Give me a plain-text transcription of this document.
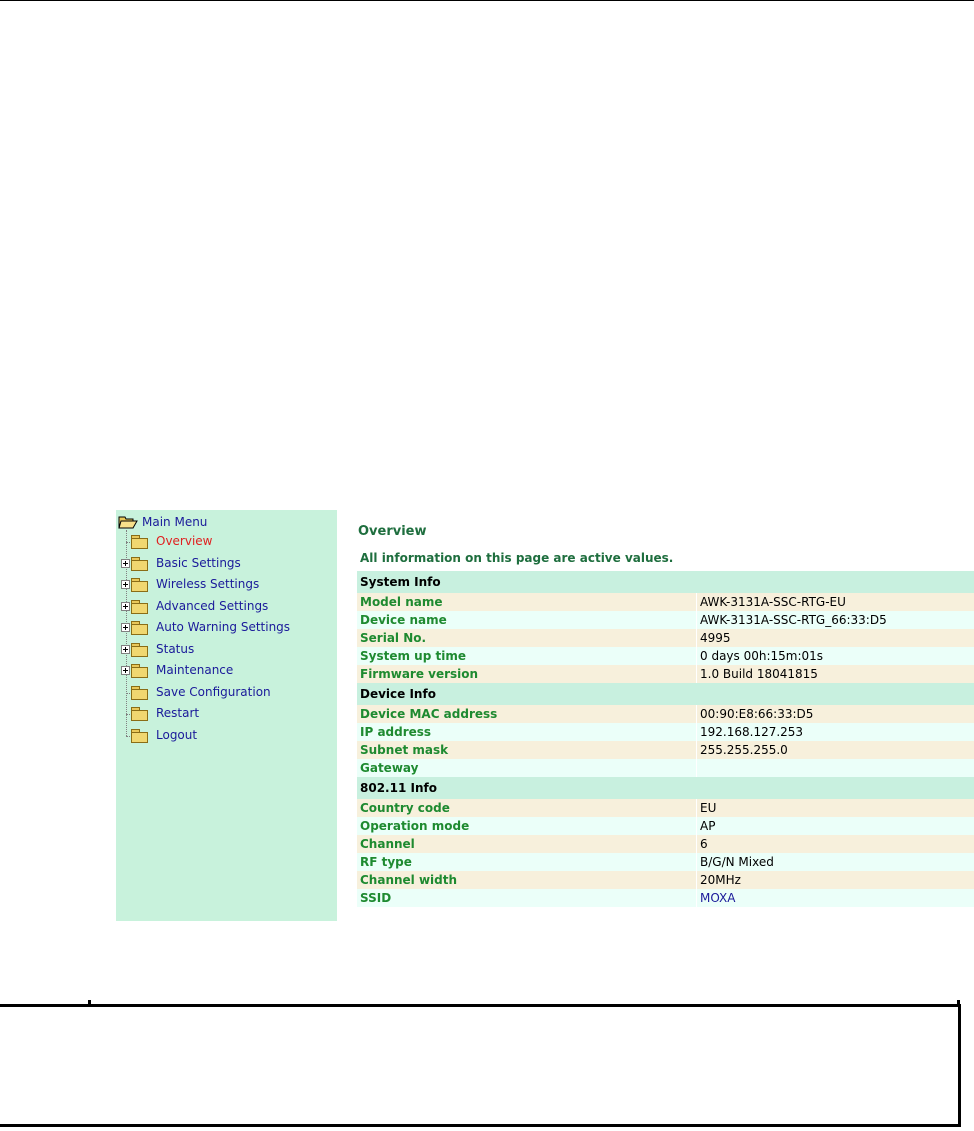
Main Menu
Overview
Basic Settings
Wireless Settings
Advanced Settings
Auto Warning Settings
Status
Maintenance
Save Configuration
Restart
Logout
Overview
All information on this page are active values.
System Info	
Model name	AWK-3131A-SSC-RTG-EU
Device name	AWK-3131A-SSC-RTG_66:33:D5
Serial No.	4995
System up time	0 days 00h:15m:01s
Firmware version	1.0 Build 18041815
Device Info	
Device MAC address	00:90:E8:66:33:D5
IP address	192.168.127.253
Subnet mask	255.255.255.0
Gateway	
802.11 Info	
Country code	EU
Operation mode	AP
Channel	6
RF type	B/G/N Mixed
Channel width	20MHz
SSID	MOXA
